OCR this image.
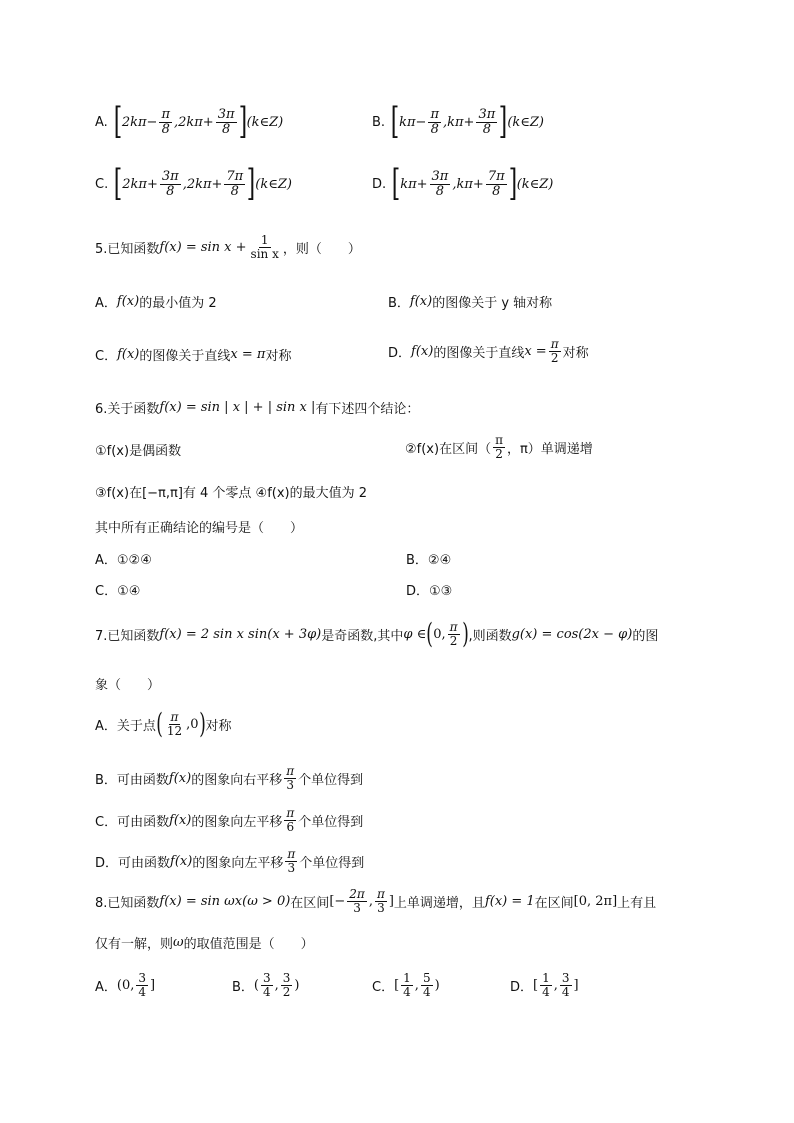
A. [ $2k\pi- \frac{\pi}{8} ,2k\pi+ \frac{3\pi}{8}$ ] (k∈Z)	B. [ $k\pi- \frac{\pi}{8} ,k\pi+ \frac{3\pi}{8}$ ] (k∈Z)
C. [ $2k\pi+ \frac{3\pi}{8} ,2k\pi+ \frac{7\pi}{8}$ ] (k∈Z)	D. [ $k\pi+ \frac{3\pi}{8} ,k\pi+ \frac{7\pi}{8}$ ] (k∈Z)
5.已知函数 $f(x) = \sin x + \frac{1}{\text{sin x}}$ ，则（　　）
A． f(x) 的最小值为 2	B． f(x) 的图像关于 y 轴对称
C． f(x) 的图像关于直线 x = π 对称	D． f(x) 的图像关于直线 $x = \frac{\pi}{2}$ 对称
6.关于函数 f(x) = sin | x | + | sin x | 有下述四个结论：
①f(x)是偶函数	②f(x)在区间（ $\frac{\pi}{2}$ ，π）单调递增
③f(x)在[−π,π]有 4 个零点 ④f(x)的最大值为 2
其中所有正确结论的编号是（　　）
A．①②④	B．②④
C．①④	D．①③
7.已知函数 f(x) = 2 sin x sin(x + 3φ) 是奇函数,其中 φ ∈ ( 0, $\frac{\pi}{2}$ ) ,则函数 g(x) = cos(2x − φ) 的图
象（　　）
A．关于点 ( $\frac{\pi}{12} ,0$ ) 对称
B．可由函数 f(x) 的图象向右平移 $\frac{\pi}{3}$ 个单位得到
C．可由函数 f(x) 的图象向左平移 $\frac{\pi}{6}$ 个单位得到
D．可由函数 f(x) 的图象向左平移 $\frac{\pi}{3}$ 个单位得到
8.已知函数 f(x) = sin ωx(ω > 0) 在区间 [− $\frac{2\pi}{3}$ , $\frac{\pi}{3}$ ] 上单调递增，且 f(x) = 1 在区间 [0, 2π] 上有且
仅有一解，则 ω 的取值范围是（　　）
A． (0, $\frac{3}{4}$ ]	B． ( $\frac{3}{4}$ , $\frac{3}{2}$ )	C． [ $\frac{1}{4}$ , $\frac{5}{4}$ )	D． [ $\frac{1}{4}$ , $\frac{3}{4}$ ]
